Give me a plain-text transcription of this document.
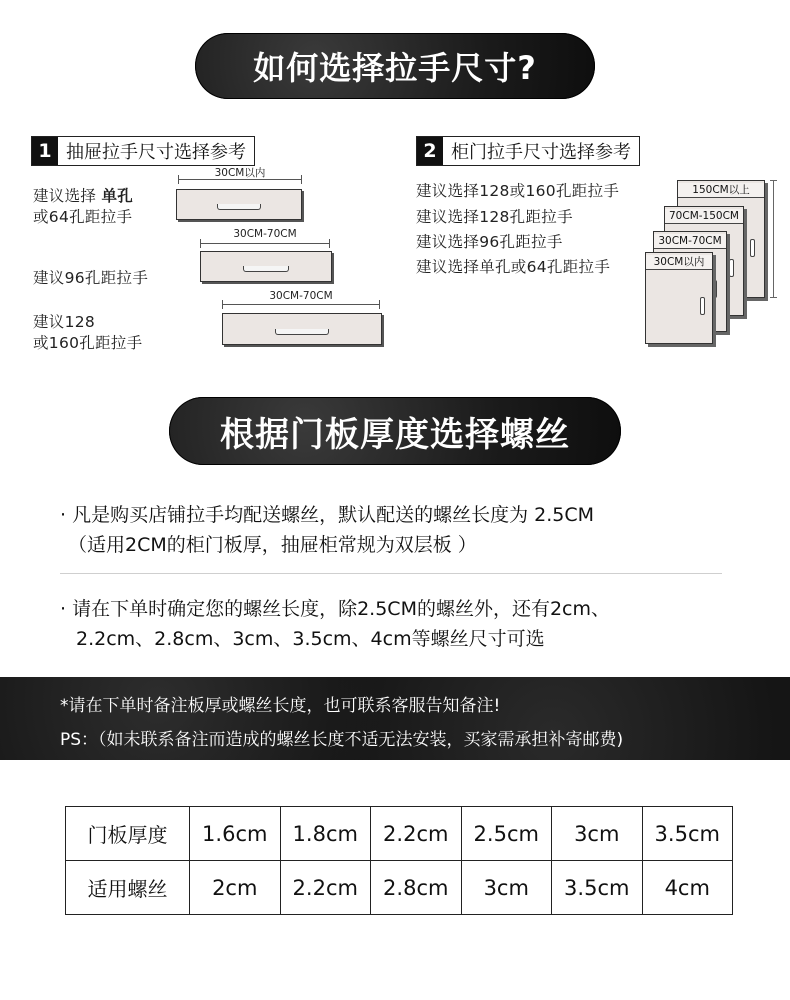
如何选择拉手尺寸?
1 抽屉拉手尺寸选择参考
建议选择 单孔
或64孔距拉手
建议96孔距拉手
建议128
或160孔距拉手
30CM以内
30CM-70CM
30CM-70CM
2 柜门拉手尺寸选择参考
建议选择128或160孔距拉手
建议选择128孔距拉手
建议选择96孔距拉手
建议选择单孔或64孔距拉手
150CM以上
70CM-150CM
30CM-70CM
30CM以内
根据门板厚度选择螺丝
· 凡是购买店铺拉手均配送螺丝，默认配送的螺丝长度为 2.5CM
（适用2CM的柜门板厚，抽屉柜常规为双层板 ）
· 请在下单时确定您的螺丝长度，除2.5CM的螺丝外，还有2cm、
2.2cm、2.8cm、3cm、3.5cm、4cm等螺丝尺寸可选
*请在下单时备注板厚或螺丝长度，也可联系客服告知备注!
PS：（如未联系备注而造成的螺丝长度不适无法安装，买家需承担补寄邮费)
门板厚度	1.6cm	1.8cm	2.2cm	2.5cm	3cm	3.5cm
适用螺丝	2cm	2.2cm	2.8cm	3cm	3.5cm	4cm
